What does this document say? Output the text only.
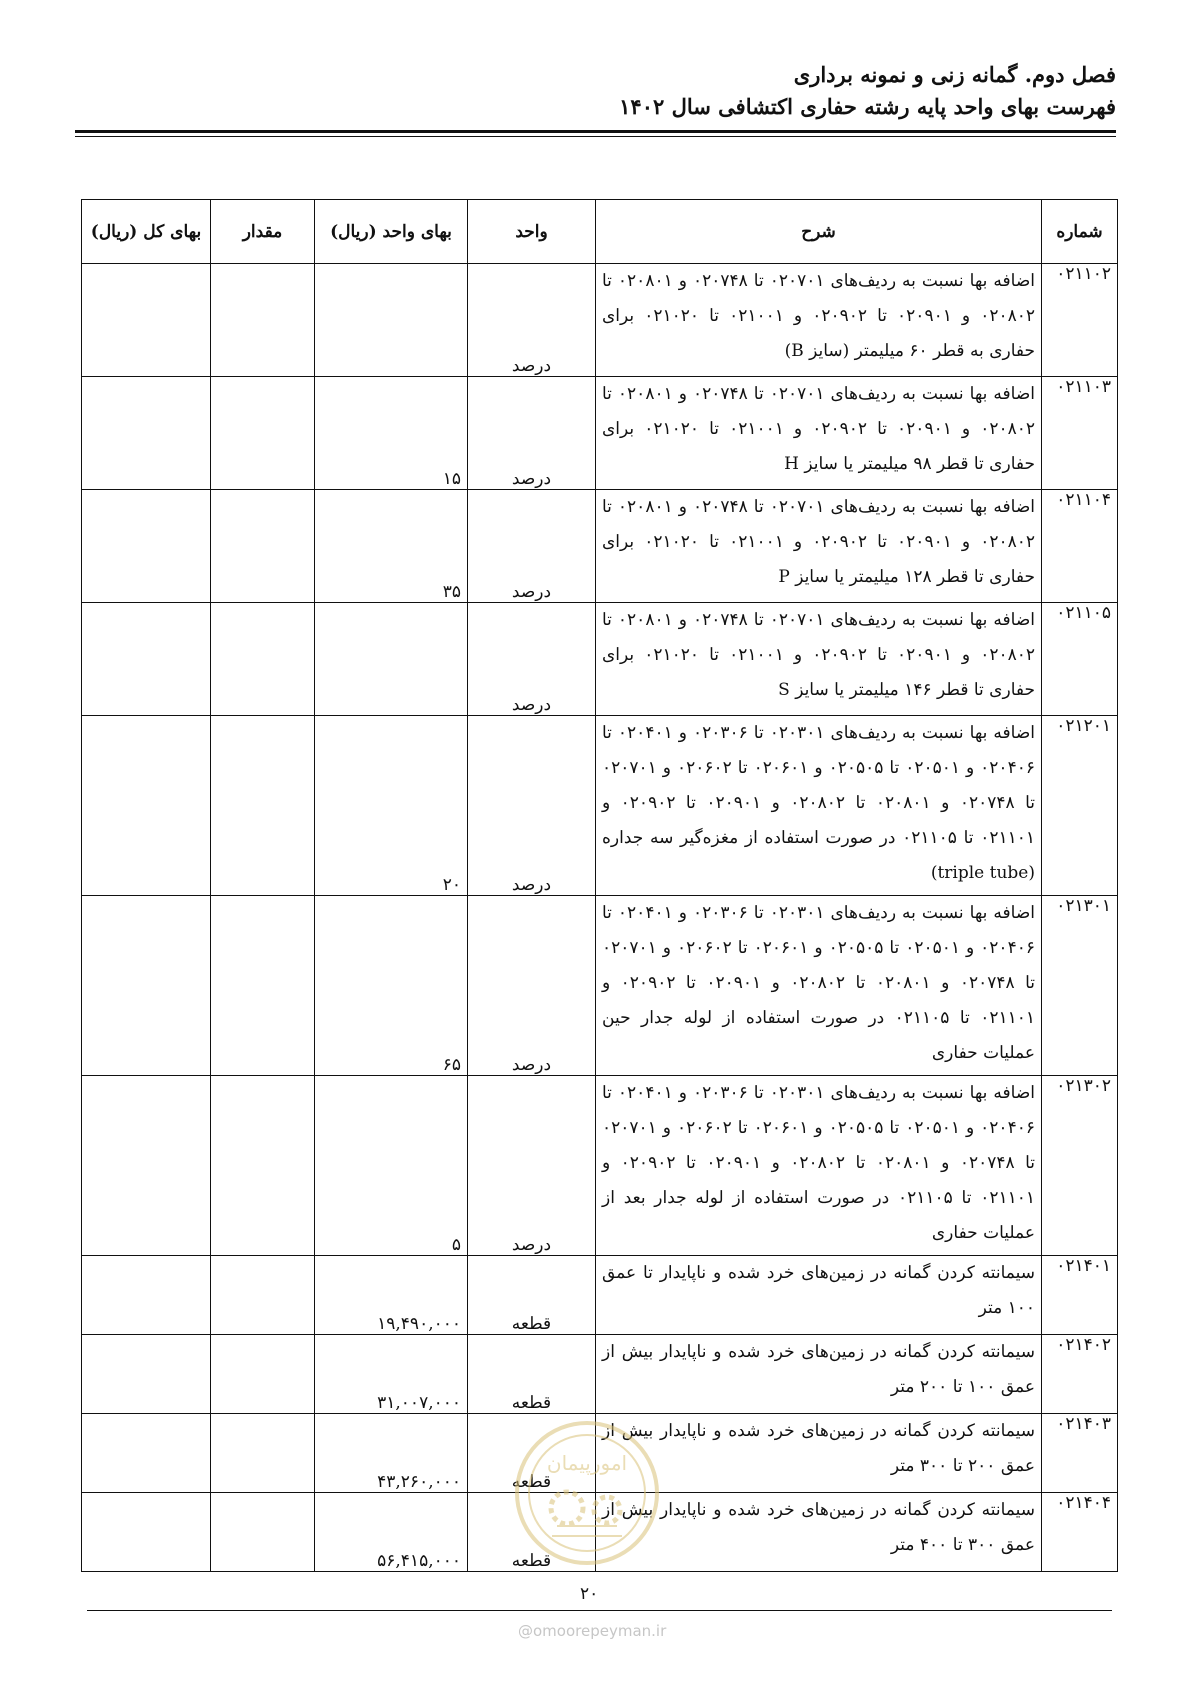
فصل دوم. گمانه زنی و نمونه برداری
فهرست بهای واحد پایه رشته حفاری اکتشافی سال ۱۴۰۲
شماره	شرح	واحد	بهای واحد (ریال)	مقدار	بهای کل (ریال)
۰۲۱۱۰۲	اضافه بها نسبت به ردیف‌های ۰۲۰۷۰۱ تا ۰۲۰۷۴۸ و ۰۲۰۸۰۱ تا ۰۲۰۸۰۲ و ۰۲۰۹۰۱ تا ۰۲۰۹۰۲ و ۰۲۱۰۰۱ تا ۰۲۱۰۲۰ برای حفاری به قطر ۶۰ میلیمتر (سایز B)	درصد			
۰۲۱۱۰۳	اضافه بها نسبت به ردیف‌های ۰۲۰۷۰۱ تا ۰۲۰۷۴۸ و ۰۲۰۸۰۱ تا ۰۲۰۸۰۲ و ۰۲۰۹۰۱ تا ۰۲۰۹۰۲ و ۰۲۱۰۰۱ تا ۰۲۱۰۲۰ برای حفاری تا قطر ۹۸ میلیمتر یا سایز H	درصد	۱۵		
۰۲۱۱۰۴	اضافه بها نسبت به ردیف‌های ۰۲۰۷۰۱ تا ۰۲۰۷۴۸ و ۰۲۰۸۰۱ تا ۰۲۰۸۰۲ و ۰۲۰۹۰۱ تا ۰۲۰۹۰۲ و ۰۲۱۰۰۱ تا ۰۲۱۰۲۰ برای حفاری تا قطر ۱۲۸ میلیمتر یا سایز P	درصد	۳۵		
۰۲۱۱۰۵	اضافه بها نسبت به ردیف‌های ۰۲۰۷۰۱ تا ۰۲۰۷۴۸ و ۰۲۰۸۰۱ تا ۰۲۰۸۰۲ و ۰۲۰۹۰۱ تا ۰۲۰۹۰۲ و ۰۲۱۰۰۱ تا ۰۲۱۰۲۰ برای حفاری تا قطر ۱۴۶ میلیمتر یا سایز S	درصد			
۰۲۱۲۰۱	اضافه بها نسبت به ردیف‌های ۰۲۰۳۰۱ تا ۰۲۰۳۰۶ و ۰۲۰۴۰۱ تا ۰۲۰۴۰۶ و ۰۲۰۵۰۱ تا ۰۲۰۵۰۵ و ۰۲۰۶۰۱ تا ۰۲۰۶۰۲ و ۰۲۰۷۰۱ تا ۰۲۰۷۴۸ و ۰۲۰۸۰۱ تا ۰۲۰۸۰۲ و ۰۲۰۹۰۱ تا ۰۲۰۹۰۲ و ۰۲۱۱۰۱ تا ۰۲۱۱۰۵ در صورت استفاده از مغزه‌گیر سه جداره (triple tube)	درصد	۲۰		
۰۲۱۳۰۱	اضافه بها نسبت به ردیف‌های ۰۲۰۳۰۱ تا ۰۲۰۳۰۶ و ۰۲۰۴۰۱ تا ۰۲۰۴۰۶ و ۰۲۰۵۰۱ تا ۰۲۰۵۰۵ و ۰۲۰۶۰۱ تا ۰۲۰۶۰۲ و ۰۲۰۷۰۱ تا ۰۲۰۷۴۸ و ۰۲۰۸۰۱ تا ۰۲۰۸۰۲ و ۰۲۰۹۰۱ تا ۰۲۰۹۰۲ و ۰۲۱۱۰۱ تا ۰۲۱۱۰۵ در صورت استفاده از لوله جدار حین عملیات حفاری	درصد	۶۵		
۰۲۱۳۰۲	اضافه بها نسبت به ردیف‌های ۰۲۰۳۰۱ تا ۰۲۰۳۰۶ و ۰۲۰۴۰۱ تا ۰۲۰۴۰۶ و ۰۲۰۵۰۱ تا ۰۲۰۵۰۵ و ۰۲۰۶۰۱ تا ۰۲۰۶۰۲ و ۰۲۰۷۰۱ تا ۰۲۰۷۴۸ و ۰۲۰۸۰۱ تا ۰۲۰۸۰۲ و ۰۲۰۹۰۱ تا ۰۲۰۹۰۲ و ۰۲۱۱۰۱ تا ۰۲۱۱۰۵ در صورت استفاده از لوله جدار بعد از عملیات حفاری	درصد	۵		
۰۲۱۴۰۱	سیمانته کردن گمانه در زمین‌های خرد شده و ناپایدار تا عمق ۱۰۰ متر	قطعه	۱۹,۴۹۰,۰۰۰		
۰۲۱۴۰۲	سیمانته کردن گمانه در زمین‌های خرد شده و ناپایدار بیش از عمق ۱۰۰ تا ۲۰۰ متر	قطعه	۳۱,۰۰۷,۰۰۰		
۰۲۱۴۰۳	سیمانته کردن گمانه در زمین‌های خرد شده و ناپایدار بیش از عمق ۲۰۰ تا ۳۰۰ متر	قطعه	۴۳,۲۶۰,۰۰۰		
۰۲۱۴۰۴	سیمانته کردن گمانه در زمین‌های خرد شده و ناپایدار بیش از عمق ۳۰۰ تا ۴۰۰ متر	قطعه	۵۶,۴۱۵,۰۰۰		
امورپیمان
۲۰
@omoorepeyman.ir
